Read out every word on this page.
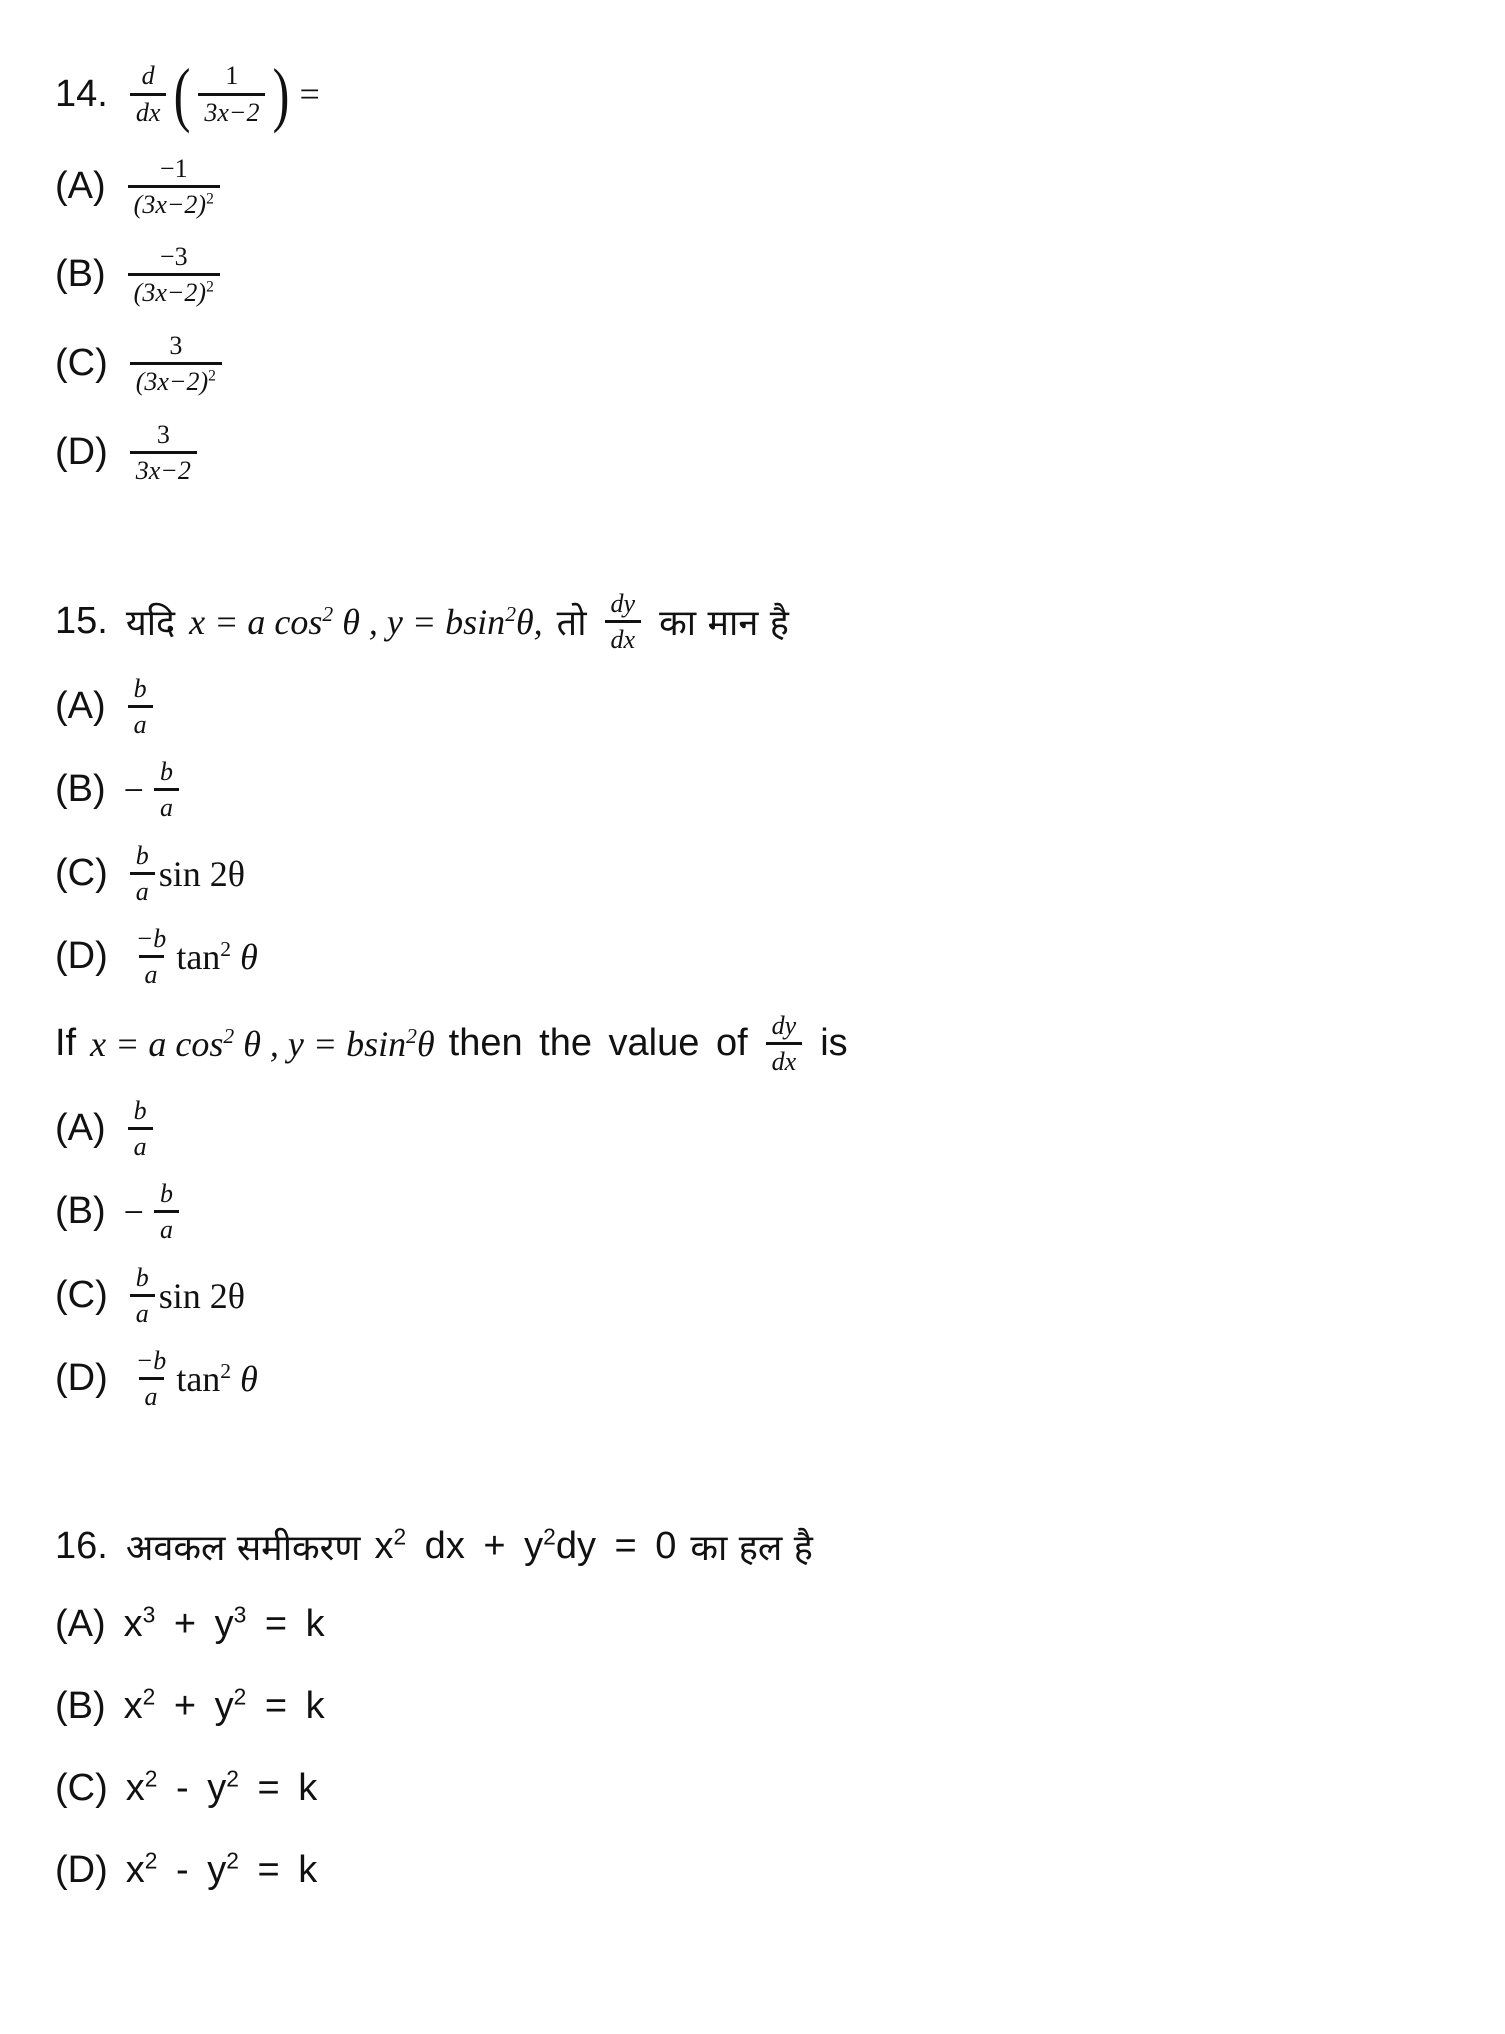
14. $\frac{d}{dx}$ ( $\frac{1}{3x-2}$ ) =
$(A) \frac{-1}{(3x-2)^2}$
$(B) \frac{-3}{(3x-2)^2}$
$(C) \frac{3}{(3x-2)^2}$
$(D) \frac{3}{3x-2}$
15. यदि x = a $\cos^2 \theta$ , y = bsin$^2$θ, तो $\frac{dy}{dx}$ का मान है
$(A) \frac{b}{a}$
$(B) - \frac{b}{a}$
$(C) \frac{b}{a}$ sin 2θ
$(D) \frac{-b}{a} \tan^2 \theta$
If x = a $\cos^2 \theta$ , y = bsin$^2$θ then the value of $\frac{dy}{dx}$ is
$(A) \frac{b}{a}$
$(B) - \frac{b}{a}$
$(C) \frac{b}{a}$ sin 2θ
$(D) \frac{-b}{a} \tan^2 \theta$
16. अवकल समीकरण $x^2$ dx + $y^2dy = 0$ का हल है
(A) $x^3 + y^3 = k$
(B) $x^2 + y^2 = k$
(C) $x^2 - y^2 = k$
(D) $x^2 - y^2 = k$
